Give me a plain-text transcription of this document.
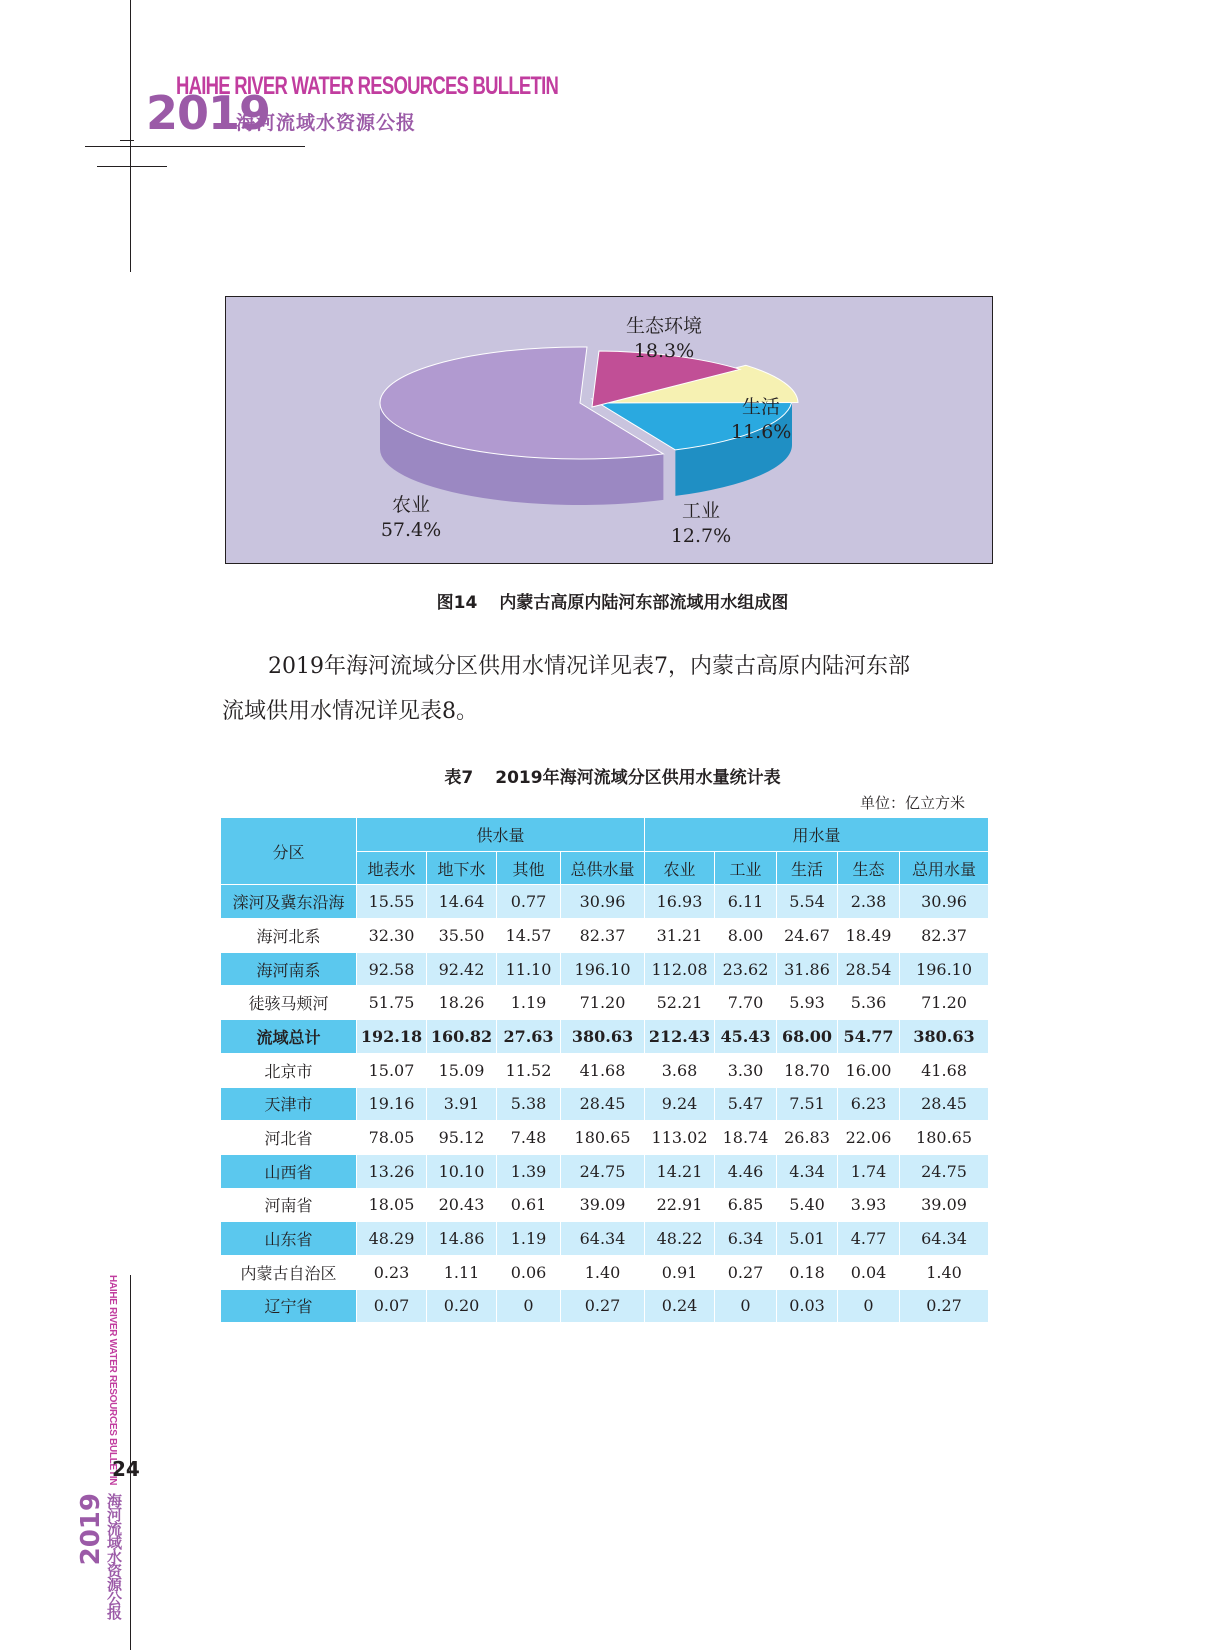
HAIHE RIVER WATER RESOURCES BULLETIN
2019
海河流域水资源公报
生态环境
18.3%
生活
11.6%
工业
12.7%
农业
57.4%
图14 内蒙古高原内陆河东部流域用水组成图

2019年海河流域分区供用水情况详见表7，内蒙古高原内陆河东部

流域供用水情况详见表8。

表7 2019年海河流域分区供用水量统计表
单位：亿立方米
分区	供水量				用水量				
	地表水	地下水	其他	总供水量	农业	工业	生活	生态	总用水量
滦河及冀东沿海	15.55	14.64	0.77	30.96	16.93	6.11	5.54	2.38	30.96
海河北系	32.30	35.50	14.57	82.37	31.21	8.00	24.67	18.49	82.37
海河南系	92.58	92.42	11.10	196.10	112.08	23.62	31.86	28.54	196.10
徒骇马颊河	51.75	18.26	1.19	71.20	52.21	7.70	5.93	5.36	71.20
流域总计	192.18	160.82	27.63	380.63	212.43	45.43	68.00	54.77	380.63
北京市	15.07	15.09	11.52	41.68	3.68	3.30	18.70	16.00	41.68
天津市	19.16	3.91	5.38	28.45	9.24	5.47	7.51	6.23	28.45
河北省	78.05	95.12	7.48	180.65	113.02	18.74	26.83	22.06	180.65
山西省	13.26	10.10	1.39	24.75	14.21	4.46	4.34	1.74	24.75
河南省	18.05	20.43	0.61	39.09	22.91	6.85	5.40	3.93	39.09
山东省	48.29	14.86	1.19	64.34	48.22	6.34	5.01	4.77	64.34
内蒙古自治区	0.23	1.11	0.06	1.40	0.91	0.27	0.18	0.04	1.40
辽宁省	0.07	0.20	0	0.27	0.24	0	0.03	0	0.27
HAIHE RIVER WATER RESOURCES BULLETIN
24
2019 海河流域水资源公报
